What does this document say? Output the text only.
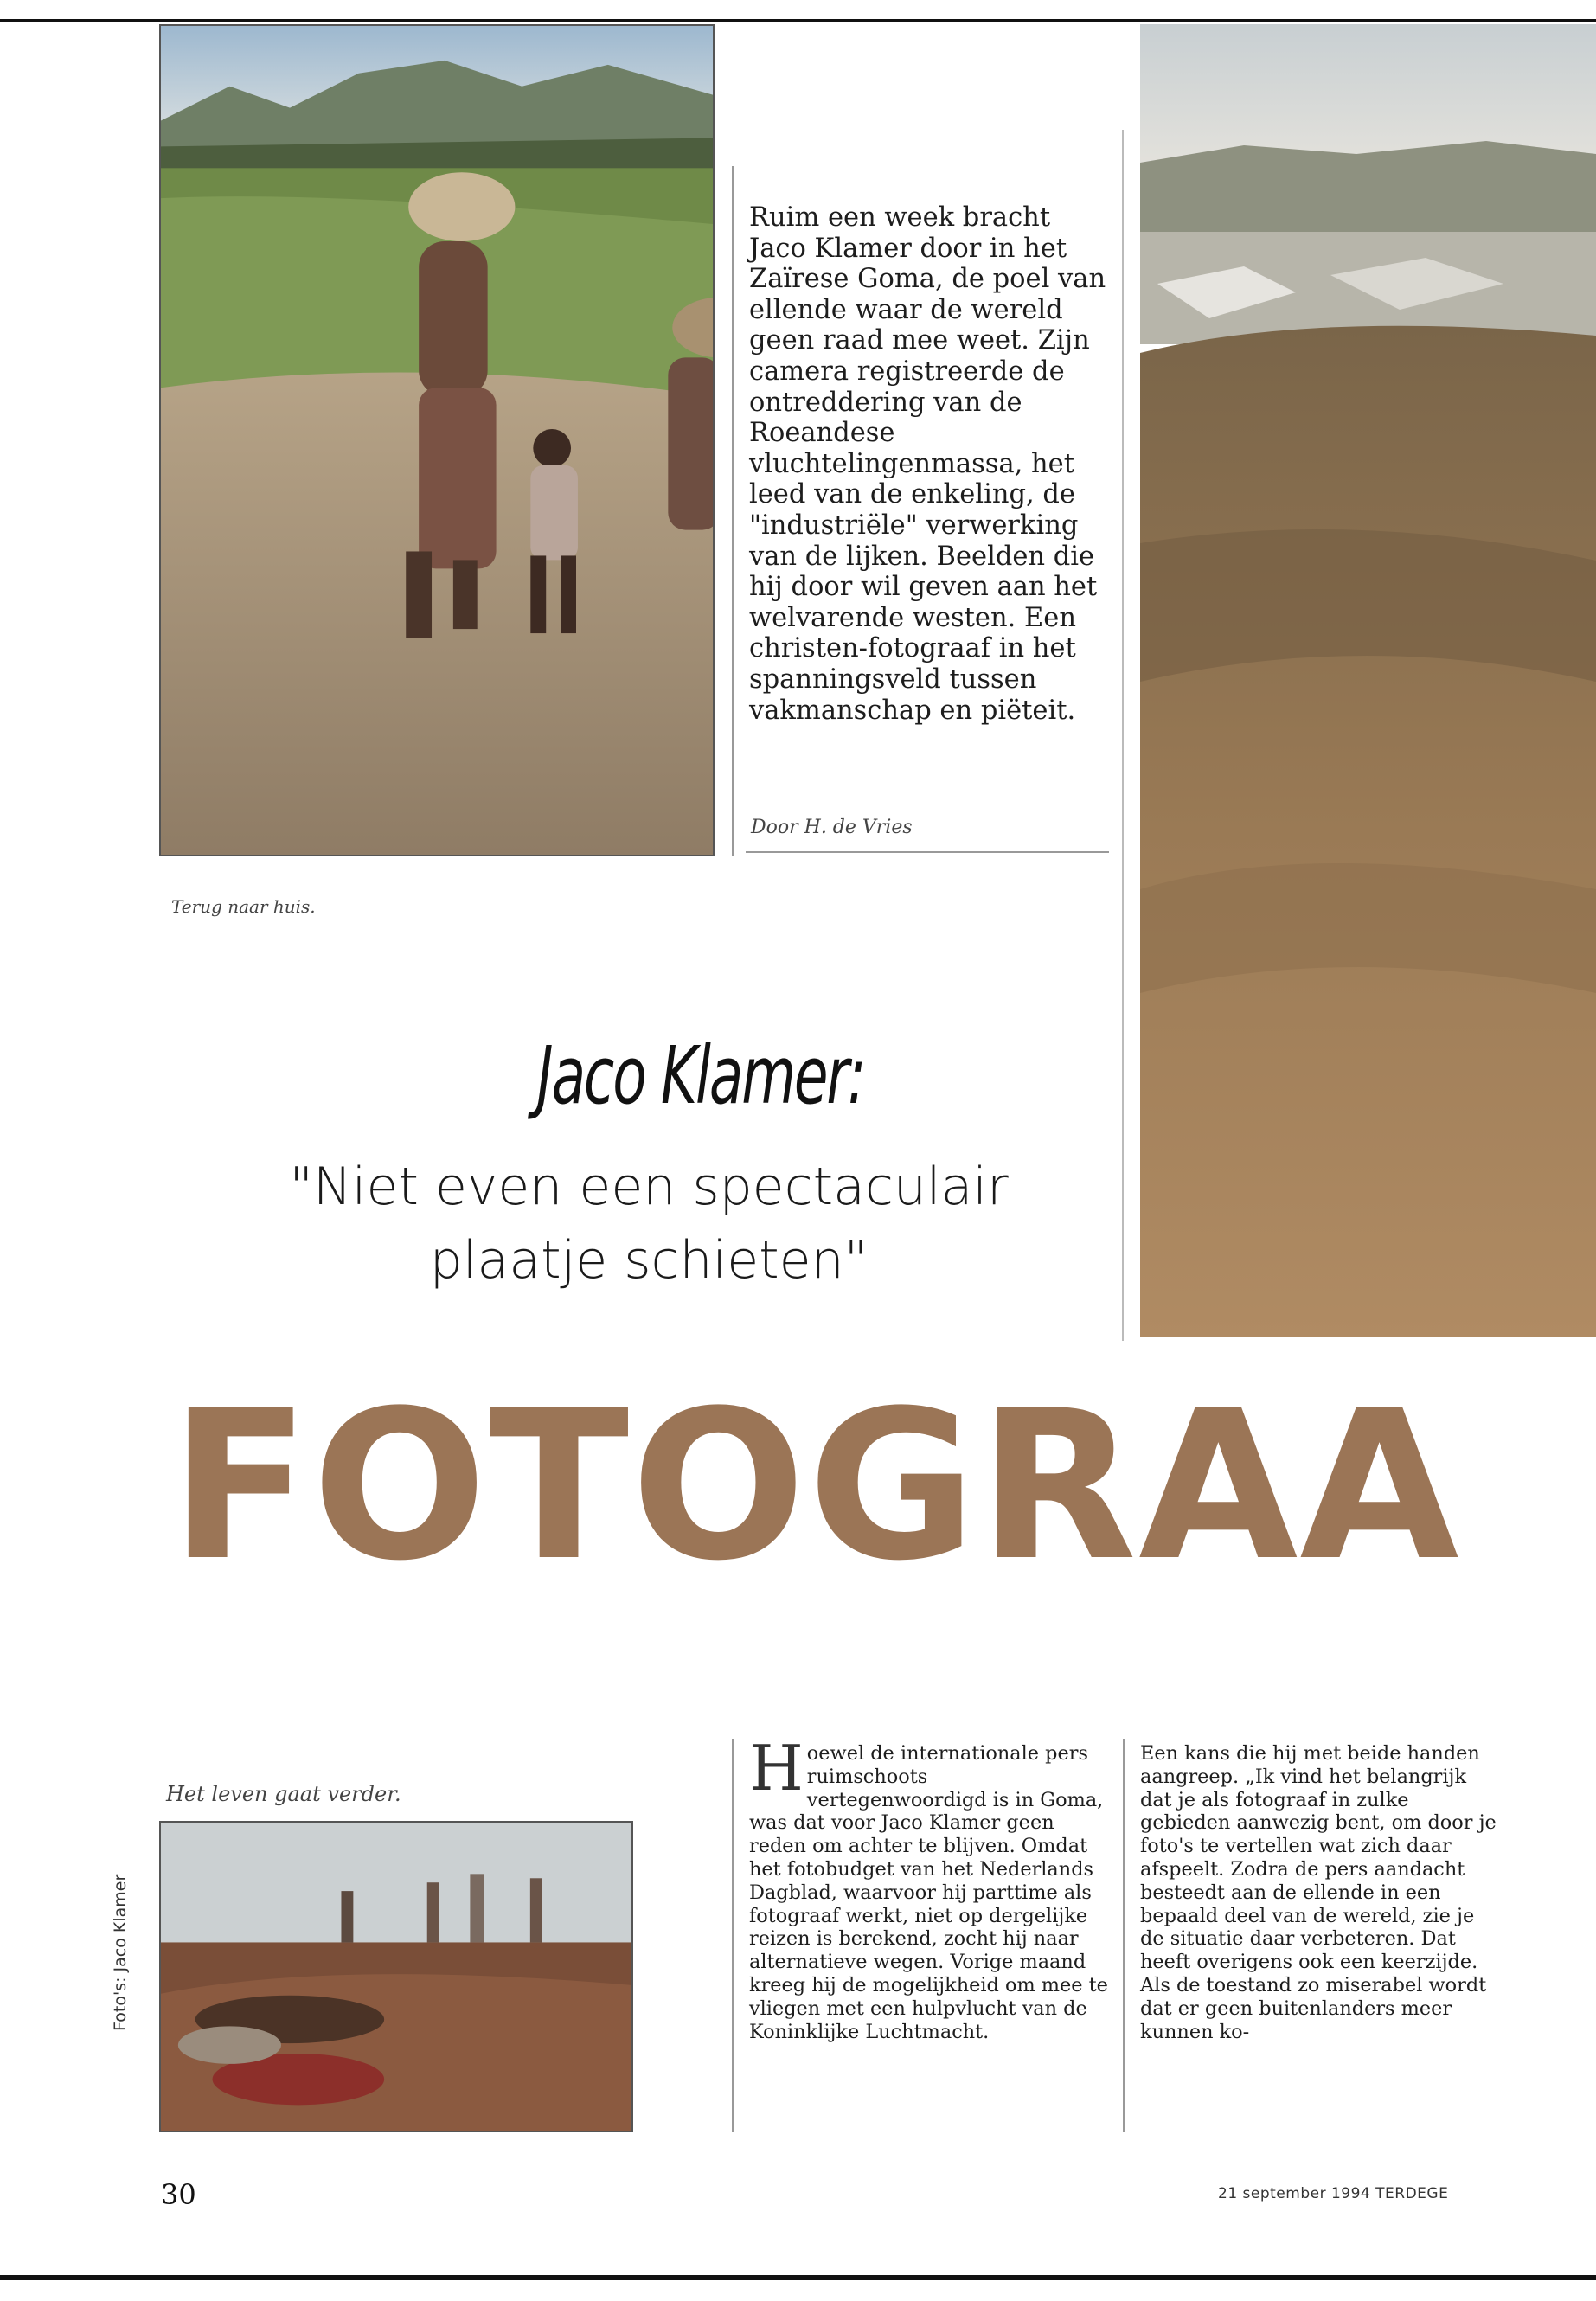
Terug naar huis.

Ruim een week bracht Jaco Klamer door in het Zaïrese Goma, de poel van ellende waar de wereld geen raad mee weet. Zijn camera registreerde de ontreddering van de Roeandese vluchtelingenmassa, het leed van de enkeling, de "industriële" verwerking van de lijken. Beelden die hij door wil geven aan het welvarende westen. Een christen-fotograaf in het spanningsveld tussen vakmanschap en piëteit.

Door H. de Vries
Jaco Klamer:

"Niet even een spectaculair plaatje schieten"

FOTOGRAA
Het leven gaat verder.	Hoewel de internationale pers ruimschoots vertegenwoordigd is in Goma, was dat voor Jaco Klamer geen reden om achter te blijven. Omdat het fotobudget van het Nederlands Dagblad, waarvoor hij parttime als fotograaf werkt, niet op dergelijke reizen is berekend, zocht hij naar alternatieve wegen. Vorige maand kreeg hij de mogelijkheid om mee te vliegen met een hulpvlucht van de Koninklijke Luchtmacht.

Een kans die hij met beide handen aangreep. „Ik vind het belangrijk dat je als fotograaf in zulke gebieden aanwezig bent, om door je foto's te vertellen wat zich daar afspeelt. Zodra de pers aandacht besteedt aan de ellende in een bepaald deel van de wereld, zie je de situatie daar verbeteren. Dat heeft overigens ook een keerzijde. Als de toestand zo miserabel wordt dat er geen buitenlanders meer kunnen ko-

Foto's: Jaco Klamer
30	21 september 1994 TERDEGE
